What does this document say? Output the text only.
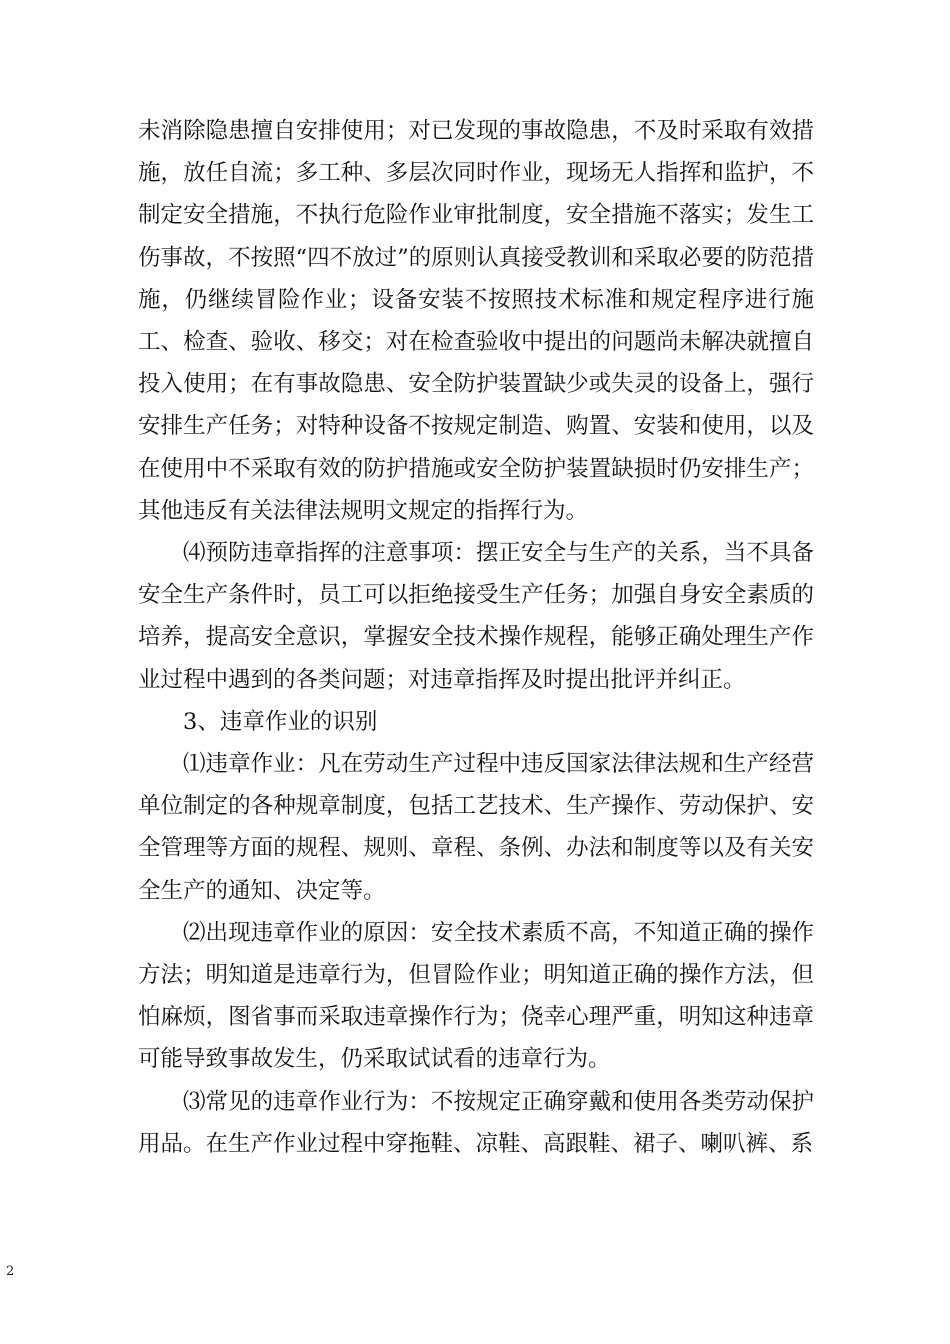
未消除隐患擅自安排使用；对已发现的事故隐患，不及时采取有效措施，放任自流；多工种、多层次同时作业，现场无人指挥和监护，不制定安全措施，不执行危险作业审批制度，安全措施不落实；发生工伤事故，不按照“四不放过”的原则认真接受教训和采取必要的防范措施，仍继续冒险作业；设备安装不按照技术标准和规定程序进行施工、检查、验收、移交；对在检查验收中提出的问题尚未解决就擅自投入使用；在有事故隐患、安全防护装置缺少或失灵的设备上，强行安排生产任务；对特种设备不按规定制造、购置、安装和使用，以及在使用中不采取有效的防护措施或安全防护装置缺损时仍安排生产；其他违反有关法律法规明文规定的指挥行为。

⑷预防违章指挥的注意事项：摆正安全与生产的关系，当不具备安全生产条件时，员工可以拒绝接受生产任务；加强自身安全素质的培养，提高安全意识，掌握安全技术操作规程，能够正确处理生产作业过程中遇到的各类问题；对违章指挥及时提出批评并纠正。

3、违章作业的识别

⑴违章作业：凡在劳动生产过程中违反国家法律法规和生产经营单位制定的各种规章制度，包括工艺技术、生产操作、劳动保护、安全管理等方面的规程、规则、章程、条例、办法和制度等以及有关安全生产的通知、决定等。

⑵出现违章作业的原因：安全技术素质不高，不知道正确的操作方法；明知道是违章行为，但冒险作业；明知道正确的操作方法，但怕麻烦，图省事而采取违章操作行为；侥幸心理严重，明知这种违章可能导致事故发生，仍采取试试看的违章行为。

⑶常见的违章作业行为：不按规定正确穿戴和使用各类劳动保护用品。在生产作业过程中穿拖鞋、凉鞋、高跟鞋、裙子、喇叭裤、系

2
